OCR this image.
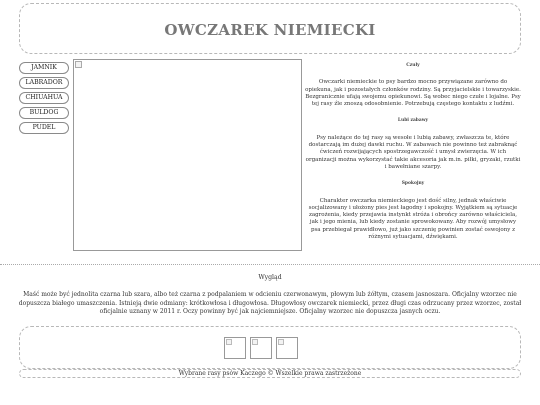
OWCZAREK NIEMIECKI
JAMNIK
LABRADOR
CHIUAHUA
BULDOG
PUDEL
Czuły

Owczarki niemieckie to psy bardzo mocno przywiązane zarówno do opiekuna, jak i pozostałych członków rodziny. Są przyjacielskie i towarzyskie. Bezgranicznie ufają swojemu opiekunowi. Są wobec niego czułe i lojalne. Psy tej rasy źle znoszą odosobnienie. Potrzebują częstego kontaktu z ludźmi.

Lubi zabawy

Psy należące do tej rasy są wesołe i lubią zabawy, zwłaszcza te, które dostarczają im dużej dawki ruchu. W zabawach nie powinno też zabraknąć ćwiczeń rozwijających spostrzegawczość i umysł zwierzęcia. W ich organizacji można wykorzystać takie akcesoria jak m.in. piłki, gryzaki, rzutki i bawełniane szarpy.

Spokojny

Charakter owczarka niemieckiego jest dość silny, jednak właściwie socjalizowany i ułożony pies jest łagodny i spokojny. Wyjątkiem są sytuacje zagrożenia, kiedy przejawia instynkt stróża i obrońcy zarówno właściciela, jak i jego mienia, lub kiedy zostanie sprowokowany. Aby rozwój umysłowy psa przebiegał prawidłowo, już jako szczenię powinien zostać oswojony z różnymi sytuacjami, dźwiękami.

Wygląd

Maść może być jednolita czarna lub szara, albo też czarna z podpalaniem w odcieniu czerwonawym, płowym lub żółtym, czasem jasnoszara. Oficjalny wzorzec nie dopuszcza białego umaszczenia. Istnieją dwie odmiany: krótkowłosa i długowłosa. Długowłosy owczarek niemiecki, przez długi czas odrzucany przez wzorzec, został oficjalnie uznany w 2011 r. Oczy powinny być jak najciemniejsze. Oficjalny wzorzec nie dopuszcza jasnych oczu.

Wybrane rasy psów Kaczego © Wszelkie prawa zastrzeżone
